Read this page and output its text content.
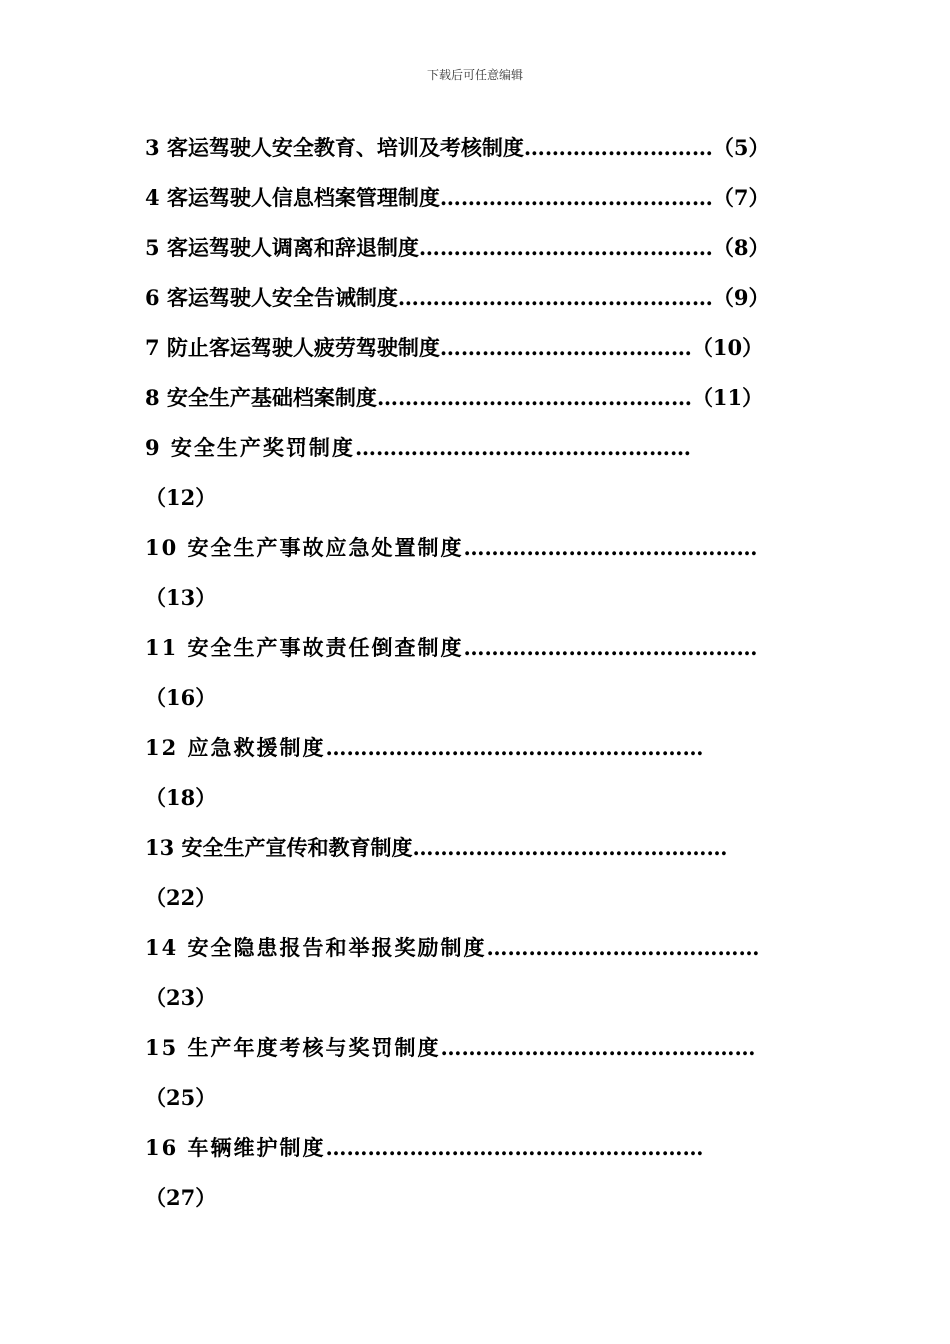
下载后可任意编辑
3 客运驾驶人安全教育、培训及考核制度………………………（5）
4 客运驾驶人信息档案管理制度…………………………………（7）
5 客运驾驶人调离和辞退制度……………………………………（8）
6 客运驾驶人安全告诫制度………………………………………（9）
7 防止客运驾驶人疲劳驾驶制度………………………………（10）
8 安全生产基础档案制度………………………………………（11）
9 安全生产奖罚制度…………………………………………
（12）
10 安全生产事故应急处置制度……………………………………
（13）
11 安全生产事故责任倒查制度……………………………………
（16）
12 应急救援制度………………………………………………
（18）
13 安全生产宣传和教育制度………………………………………
（22）
14 安全隐患报告和举报奖励制度…………………………………
（23）
15 生产年度考核与奖罚制度………………………………………
（25）
16 车辆维护制度………………………………………………
（27）
